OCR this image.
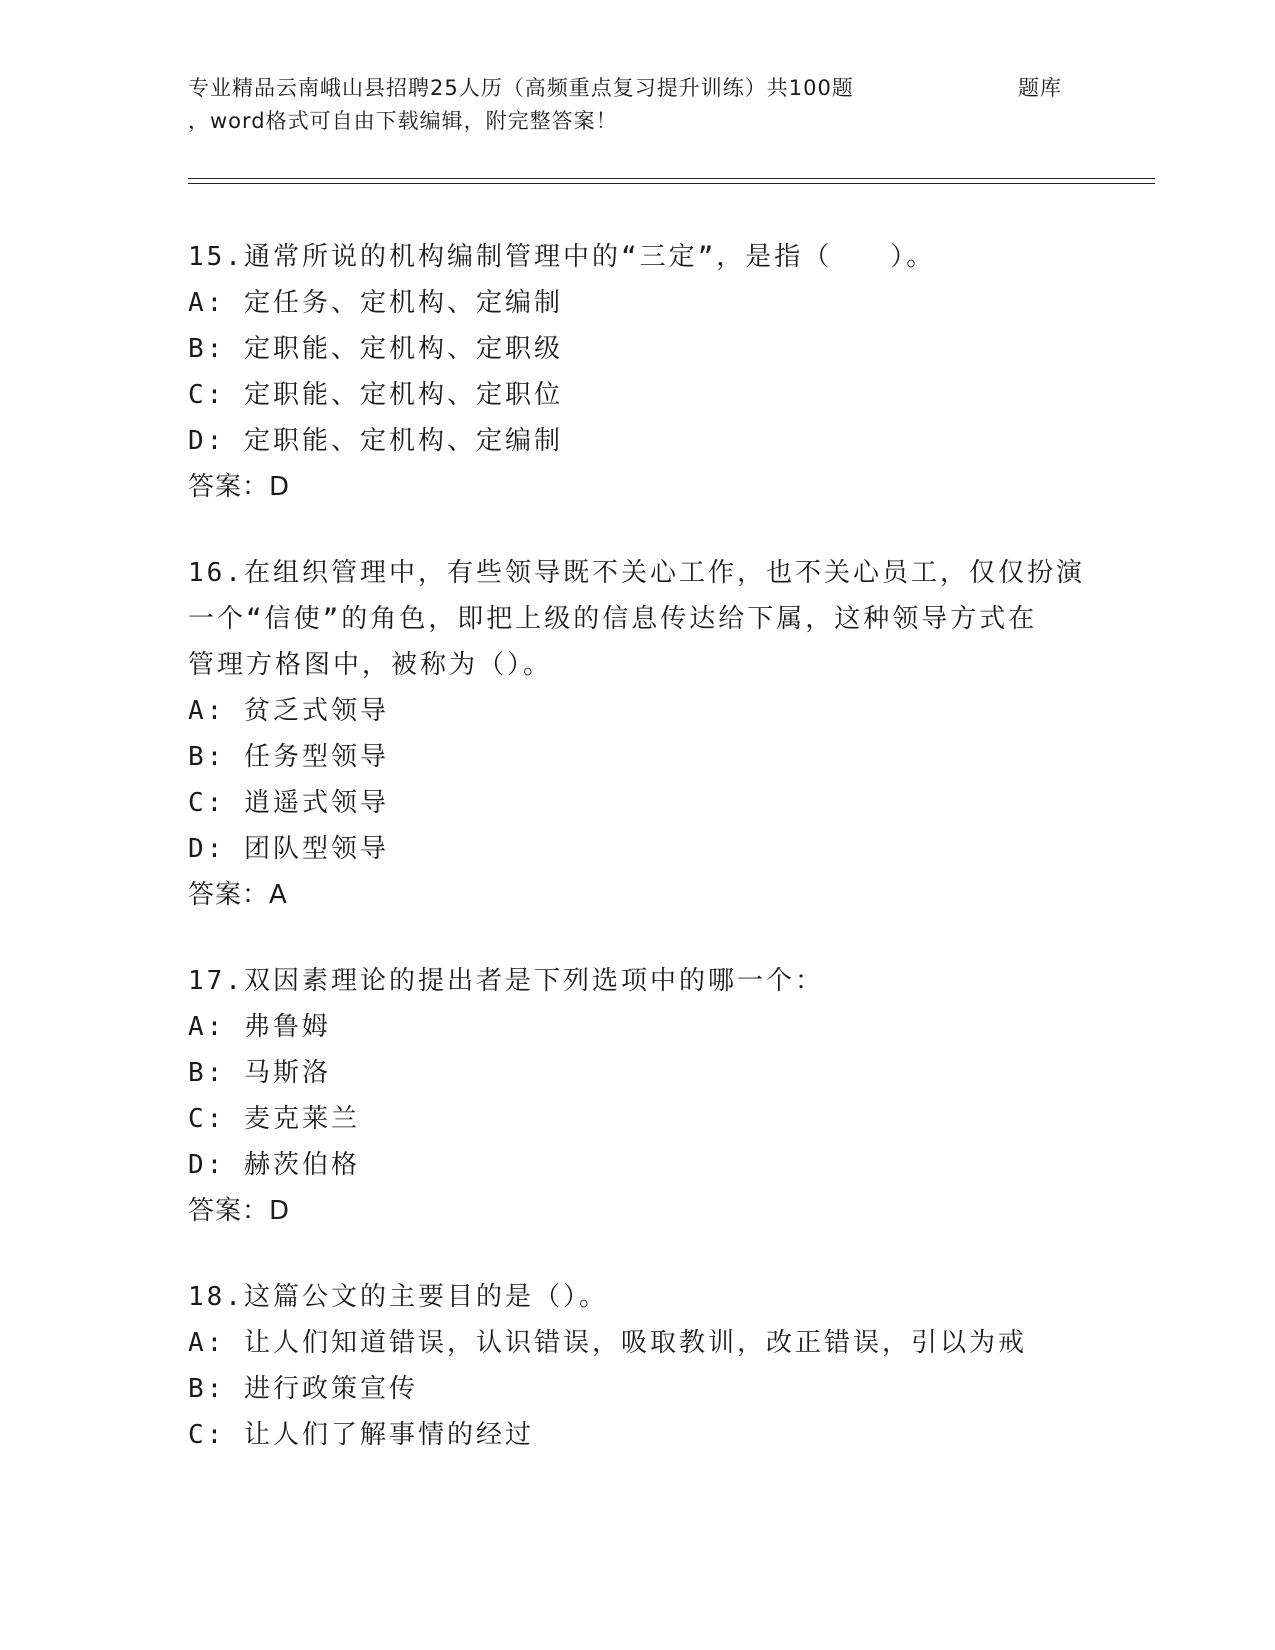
专业精品云南峨山县招聘25人历（高频重点复习提升训练）共100题	题库
，word格式可自由下载编辑，附完整答案！
15.通常所说的机构编制管理中的“三定”，是指（　　）。
A: 定任务、定机构、定编制
B: 定职能、定机构、定职级
C: 定职能、定机构、定职位
D: 定职能、定机构、定编制
答案：D
16.在组织管理中，有些领导既不关心工作，也不关心员工，仅仅扮演
一个“信使”的角色，即把上级的信息传达给下属，这种领导方式在
管理方格图中，被称为（）。
A: 贫乏式领导
B: 任务型领导
C: 逍遥式领导
D: 团队型领导
答案：A
17.双因素理论的提出者是下列选项中的哪一个：
A: 弗鲁姆
B: 马斯洛
C: 麦克莱兰
D: 赫茨伯格
答案：D
18.这篇公文的主要目的是（）。
A: 让人们知道错误，认识错误，吸取教训，改正错误，引以为戒
B: 进行政策宣传
C: 让人们了解事情的经过
